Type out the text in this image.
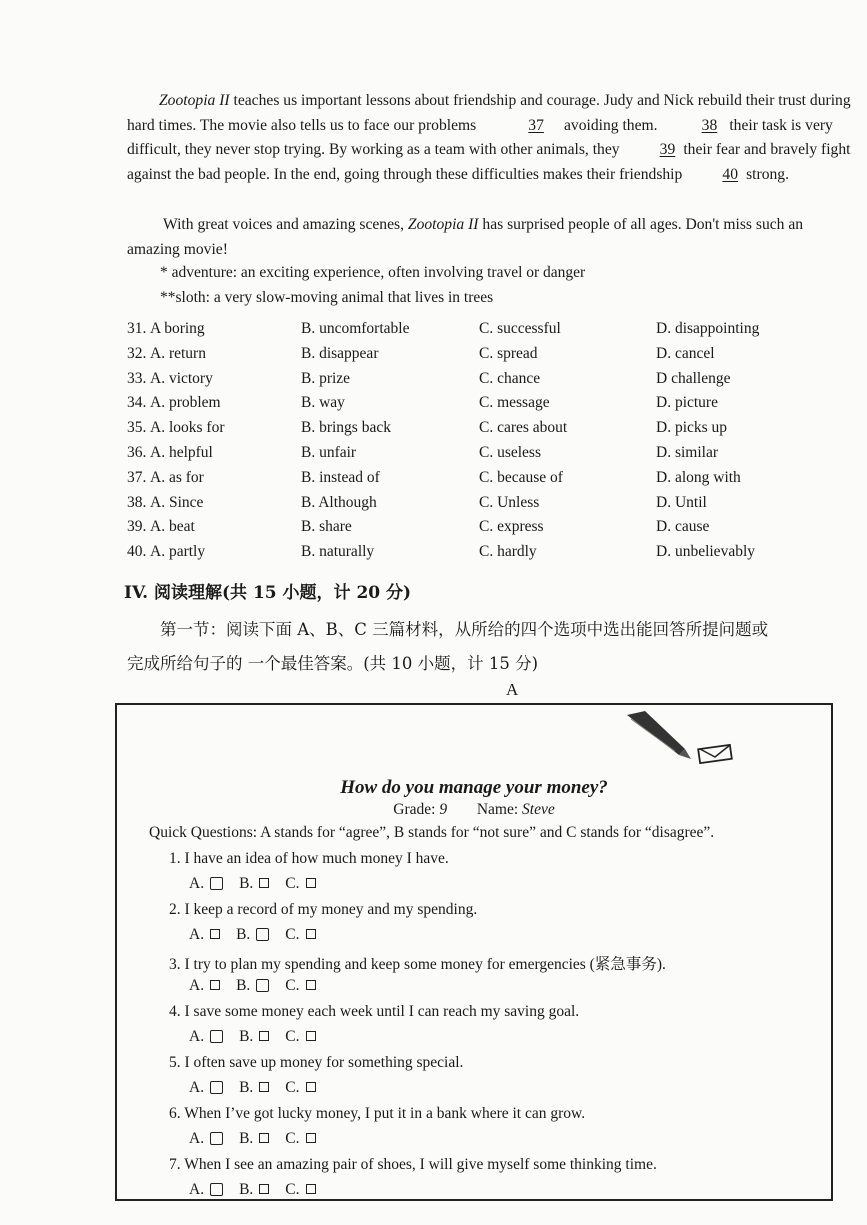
Zootopia II teaches us important lessons about friendship and courage. Judy and Nick rebuild their trust during hard times. The movie also tells us to face our problems	37 avoiding them.	38 their task is very difficult, they never stop trying. By working as a team with other animals, they 39 their fear and bravely fight against the bad people. In the end, going through these difficulties makes their friendship 40 strong.

With great voices and amazing scenes, Zootopia II has surprised people of all ages. Don't miss such an amazing movie!

* adventure: an exciting experience, often involving travel or danger
**sloth: a very slow-moving animal that lives in trees
31. A boring	B. uncomfortable	C. successful	D. disappointing
32. A. return	B. disappear	C. spread	D. cancel
33. A. victory	B. prize	C. chance	D challenge
34. A. problem	B. way	C. message	D. picture
35. A. looks for	B. brings back	C. cares about	D. picks up
36. A. helpful	B. unfair	C. useless	D. similar
37. A. as for	B. instead of	C. because of	D. along with
38. A. Since	B. Although	C. Unless	D. Until
39. A. beat	B. share	C. express	D. cause
40. A. partly	B. naturally	C. hardly	D. unbelievably
IV. 阅读理解(共 15 小题，计 20 分)
第一节：阅读下面 A、B、C 三篇材料，从所给的四个选项中选出能回答所提问题或
完成所给句子的 一个最佳答案。(共 10 小题，计 15 分)
A
How do you manage your money?
Grade: 9 Name: Steve
Quick Questions: A stands for “agree”, B stands for “not sure” and C stands for “disagree”.
1. I have an idea of how much money I have.
A. B. C.
2. I keep a record of my money and my spending.
A. B. C.
3. I try to plan my spending and keep some money for emergencies (紧急事务).
A. B. C.
4. I save some money each week until I can reach my saving goal.
A. B. C.
5. I often save up money for something special.
A. B. C.
6. When I’ve got lucky money, I put it in a bank where it can grow.
A. B. C.
7. When I see an amazing pair of shoes, I will give myself some thinking time.
A. B. C.
